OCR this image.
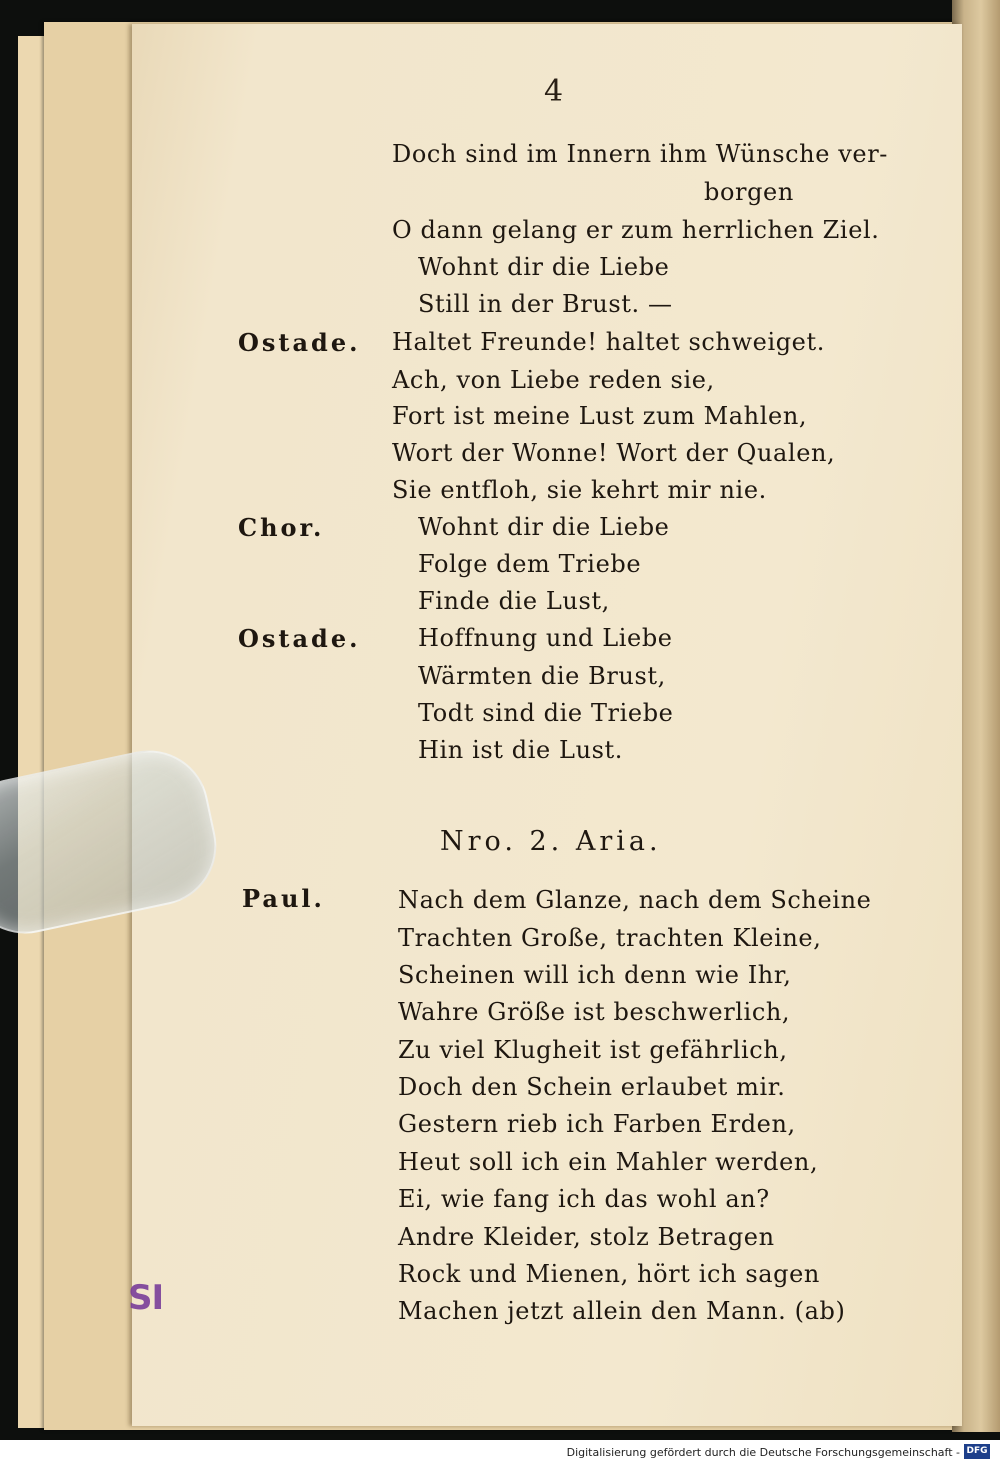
4
Doch sind im Innern ihm Wünsche ver-
borgen
O dann gelang er zum herrlichen Ziel.
Wohnt dir die Liebe
Still in der Brust. —
Ostade. Haltet Freunde! haltet schweiget.
Ach, von Liebe reden sie,
Fort ist meine Lust zum Mahlen,
Wort der Wonne! Wort der Qualen,
Sie entfloh, sie kehrt mir nie.
Chor.	Wohnt dir die Liebe
Folge dem Triebe
Finde die Lust,
Ostade. Hoffnung und Liebe
Wärmten die Brust,
Todt sind die Triebe
Hin ist die Lust.
Nro. 2. Aria.
Paul.	Nach dem Glanze, nach dem Scheine
Trachten Große, trachten Kleine,
Scheinen will ich denn wie Ihr,
Wahre Größe ist beschwerlich,
Zu viel Klugheit ist gefährlich,
Doch den Schein erlaubet mir.
Gestern rieb ich Farben Erden,
Heut soll ich ein Mahler werden,
Ei, wie fang ich das wohl an?
Andre Kleider, stolz Betragen
Rock und Mienen, hört ich sagen
Machen jetzt allein den Mann. (ab)
SI
Digitalisierung gefördert durch die Deutsche Forschungsgemeinschaft - DFG
